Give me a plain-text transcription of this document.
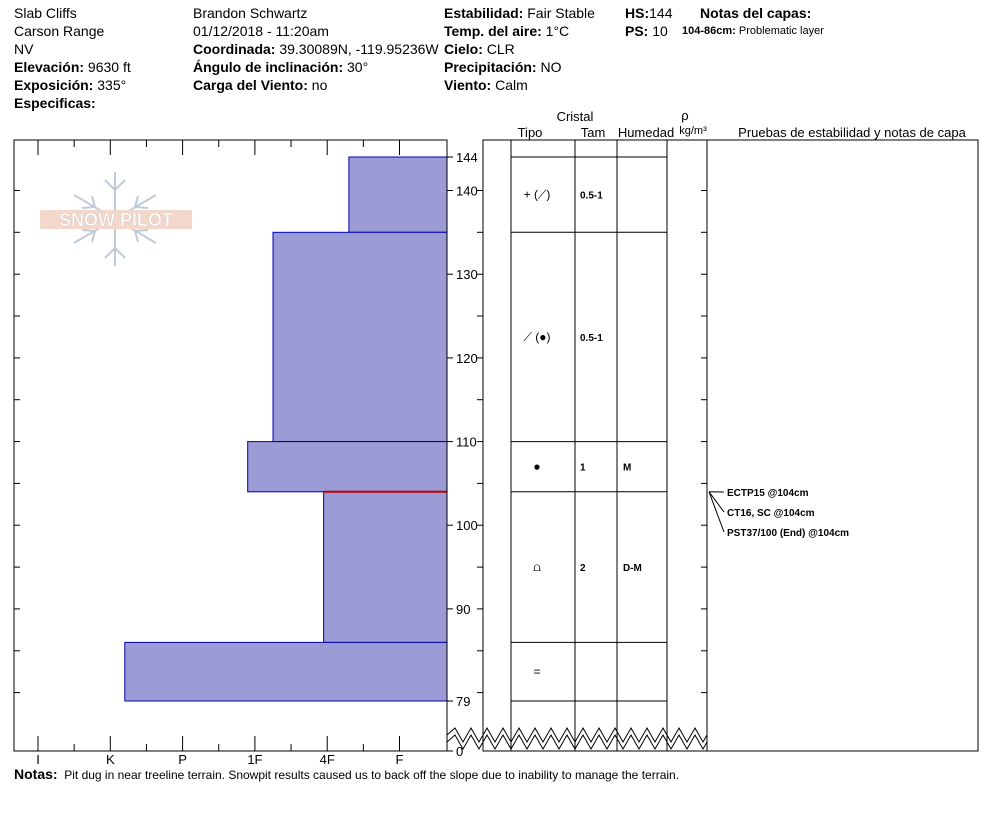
Slab Cliffs
Carson Range
NV
Elevación: 9630 ft
Exposición: 335°
Especificas:
Brandon Schwartz
01/12/2018 - 11:20am
Coordinada: 39.30089N, -119.95236W
Ángulo de inclinación: 30°
Carga del Viento: no
Estabilidad: Fair Stable
Temp. del aire: 1°C
Cielo: CLR
Precipitación: NO
Viento: Calm
HS:144
PS: 10
Notas del capas:
104-86cm: Problematic layer
I	K	P	1F	4F	F
SNOW PILOT
144
140
130
120
110
100
90
79
0
Cristal
Tipo	Tam Humedad
ρ
kg/m³ Pruebas de estabilidad y notas de capa
+ (⟋)	0.5-1
⟋ (●)	0.5-1
●	1	M
⩍	2	D-M
=
ECTP15 @104cm
CT16, SC @104cm
PST37/100 (End) @104cm
Notas: Pit dug in near treeline terrain. Snowpit results caused us to back off the slope due to inability to manage the terrain.
